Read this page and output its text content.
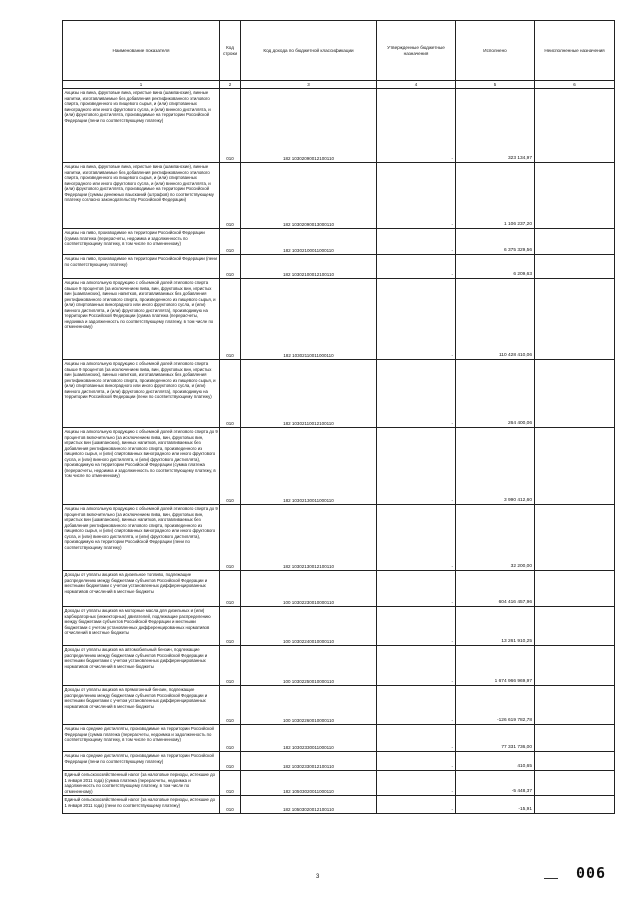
Наименование показателя	Код строки	Код дохода по бюджетной классификации	Утвержденные бюджетные назначения	Исполнено	Неисполненные назначения
1	2	3	4	5	6
Акцизы на вина, фруктовые вина, игристые вина (шампанские), винные напитки, изготавливаемые без добавления ректификованного этилового спирта, произведенного из пищевого сырья, и (или) спиртованных виноградного или иного фруктового сусла, и (или) винного дистиллята, и (или) фруктового дистиллята, производимые на территории Российской Федерации (пени по соответствующему платежу)	010	182 10302090012100110	-	323 134,97	
Акцизы на вина, фруктовые вина, игристые вина (шампанские), винные напитки, изготавливаемые без добавления ректификованного этилового спирта, произведенного из пищевого сырья, и (или) спиртованных виноградного или иного фруктового сусла, и (или) винного дистиллята, и (или) фруктового дистиллята, производимые на территории Российской Федерации (суммы денежных взысканий (штрафов) по соответствующему платежу согласно законодательству Российской Федерации)	010	182 10302090013000110	-	1 106 237,20	
Акцизы на пиво, производимое на территории Российской Федерации (сумма платежа (перерасчеты, недоимка и задолженность по соответствующему платежу, в том числе по отмененному)	010	182 10302100011000110	-	6 375 329,56	
Акцизы на пиво, производимое на территории Российской Федерации (пени по соответствующему платежу)	010	182 10302100012100110	-	6 209,63	
Акцизы на алкогольную продукцию с объемной долей этилового спирта свыше 9 процентов (за исключением пива, вин, фруктовых вин, игристых вин (шампанских), винных напитков, изготавливаемых без добавления ректификованного этилового спирта, произведенного из пищевого сырья, и (или) спиртованных виноградного или иного фруктового сусла, и (или) винного дистиллята, и (или) фруктового дистиллята), производимую на территории Российской Федерации (сумма платежа (перерасчеты, недоимка и задолженность по соответствующему платежу, в том числе по отмененному)	010	182 10302110011000110	-	110 428 410,06	
Акцизы на алкогольную продукцию с объемной долей этилового спирта свыше 9 процентов (за исключением пива, вин, фруктовых вин, игристых вин (шампанских), винных напитков, изготавливаемых без добавления ректификованного этилового спирта, произведенного из пищевого сырья, и (или) спиртованных виноградного или иного фруктового сусла, и (или) винного дистиллята, и (или) фруктового дистиллята), производимую на территории Российской Федерации (пени по соответствующему платежу)	010	182 10302110012100110	-	264 400,06	
Акцизы на алкогольную продукцию с объемной долей этилового спирта до 9 процентов включительно (за исключением пива, вин, фруктовых вин, игристых вин (шампанских), винных напитков, изготавливаемых без добавления ректификованного этилового спирта, произведенного из пищевого сырья, и (или) спиртованных виноградного или иного фруктового сусла, и (или) винного дистиллята, и (или) фруктового дистиллята), производимую на территории Российской Федерации (сумма платежа (перерасчеты, недоимка и задолженность по соответствующему платежу, в том числе по отмененному)	010	182 10302130011000110	-	3 990 412,60	
Акцизы на алкогольную продукцию с объемной долей этилового спирта до 9 процентов включительно (за исключением пива, вин, фруктовых вин, игристых вин (шампанских), винных напитков, изготавливаемых без добавления ректификованного этилового спирта, произведенного из пищевого сырья, и (или) спиртованных виноградного или иного фруктового сусла, и (или) винного дистиллята, и (или) фруктового дистиллята), производимую на территории Российской Федерации (пени по соответствующему платежу)	010	182 10302130012100110	-	32 200,00	
Доходы от уплаты акцизов на дизельное топливо, подлежащие распределению между бюджетами субъектов Российской Федерации и местными бюджетами с учетом установленных дифференцированных нормативов отчислений в местные бюджеты	010	100 10302230010000110	-	604 416 457,96	
Доходы от уплаты акцизов на моторные масла для дизельных и (или) карбюраторных (инжекторных) двигателей, подлежащие распределению между бюджетами субъектов Российской Федерации и местными бюджетами с учетом установленных дифференцированных нормативов отчислений в местные бюджеты	010	100 10302240010000110	-	13 261 910,25	
Доходы от уплаты акцизов на автомобильный бензин, подлежащие распределению между бюджетами субъектов Российской Федерации и местными бюджетами с учетом установленных дифференцированных нормативов отчислений в местные бюджеты	010	100 10302250010000110	-	1 674 966 969,97	
Доходы от уплаты акцизов на прямогонный бензин, подлежащие распределению между бюджетами субъектов Российской Федерации и местными бюджетами с учетом установленных дифференцированных нормативов отчислений в местные бюджеты	010	100 10302260010000110	-	-126 619 782,78	
Акцизы на средние дистилляты, производимые на территории Российской Федерации (сумма платежа (перерасчеты, недоимка и задолженность по соответствующему платежу, в том числе по отмененному)	010	182 10302330011000110	-	77 331 736,00	
Акцизы на средние дистилляты, производимые на территории Российской Федерации (пени по соответствующему платежу)	010	182 10302330012100110	-	410,65	
Единый сельскохозяйственный налог (за налоговые периоды, истекшие до 1 января 2011 года) (сумма платежа (перерасчеты, недоимка и задолженность по соответствующему платежу, в том числе по отмененному)	010	182 10503020011000110	-	-5 448,37	
Единый сельскохозяйственный налог (за налоговые периоды, истекшие до 1 января 2011 года) (пени по соответствующему платежу)	010	182 10503020012100110	-	-15,91	
3	006
